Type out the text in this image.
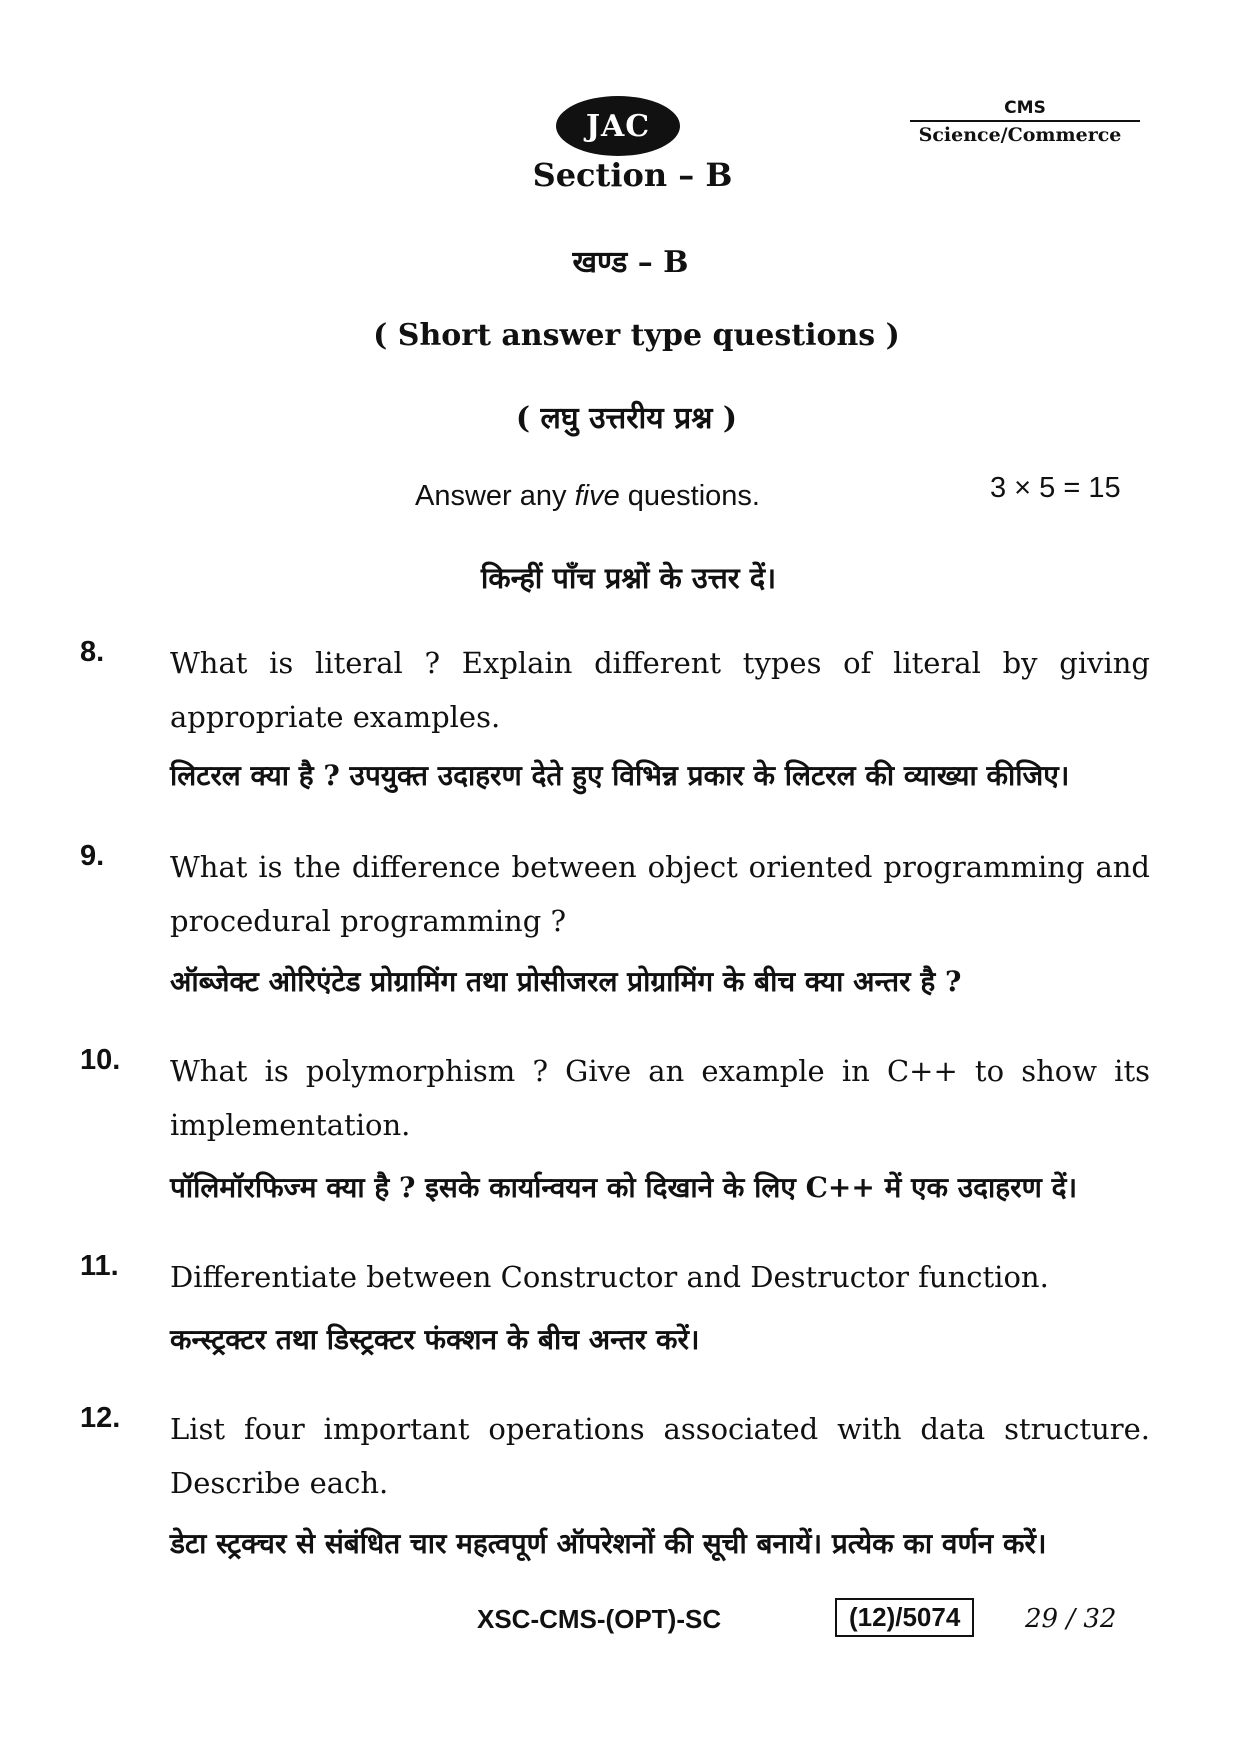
JAC
CMS
Science/Commerce
Section – B
खण्ड – B
( Short answer type questions )
( लघु उत्तरीय प्रश्न )
Answer any five questions.	3 × 5 = 15
किन्हीं पाँच प्रश्नों के उत्तर दें।
8. What is literal ? Explain different types of literal by giving appropriate examples.
लिटरल क्या है ? उपयुक्त उदाहरण देते हुए विभिन्न प्रकार के लिटरल की व्याख्या कीजिए।
9. What is the difference between object oriented programming and procedural programming ?
ऑब्जेक्ट ओरिएंटेड प्रोग्रामिंग तथा प्रोसीजरल प्रोग्रामिंग के बीच क्या अन्तर है ?
10. What is polymorphism ? Give an example in C++ to show its implementation.
पॉलिमॉरफिज्म क्या है ? इसके कार्यान्वयन को दिखाने के लिए C++ में एक उदाहरण दें।
11. Differentiate between Constructor and Destructor function.
कन्स्ट्रक्टर तथा डिस्ट्रक्टर फंक्शन के बीच अन्तर करें।
12. List four important operations associated with data structure. Describe each.
डेटा स्ट्रक्चर से संबंधित चार महत्वपूर्ण ऑपरेशनों की सूची बनायें। प्रत्येक का वर्णन करें।
XSC-CMS-(OPT)-SC	(12)/5074	29 / 32
